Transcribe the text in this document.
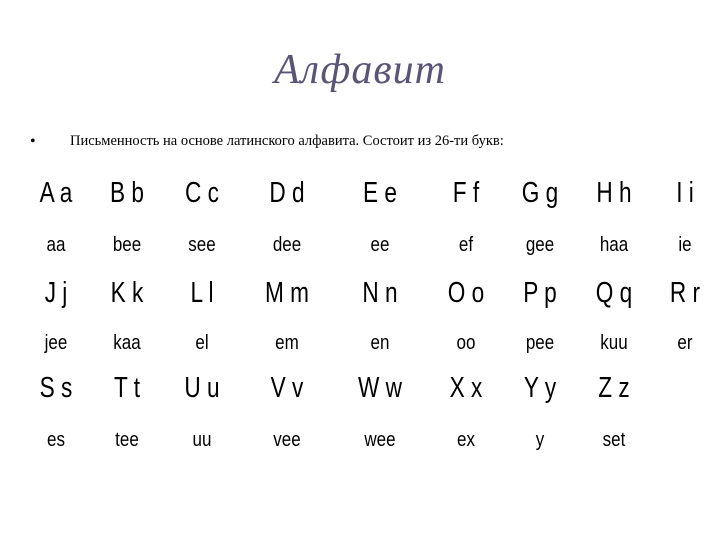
Алфавит
• Письменность на основе латинского алфавита. Состоит из 26-ти букв:
A a
aa
B b
bee
C c
see
D d
dee
E e
ee
F f
ef
G g
gee
H h
haa
I i
ie
J j
jee
K k
kaa
L l
el
M m
em
N n
en
O o
oo
P p
pee
Q q
kuu
R r
er
S s
es
T t
tee
U u
uu
V v
vee
W w
wee
X x
ex
Y y
y
Z z
set
